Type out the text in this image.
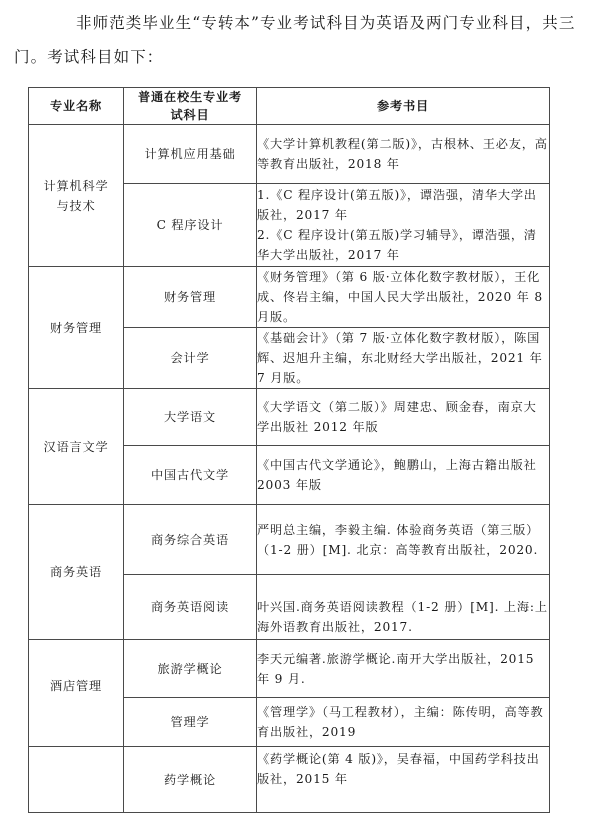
非师范类毕业生“专转本”专业考试科目为英语及两门专业科目，共三门。考试科目如下：

专业名称	普通在校生专业考试科目	参考书目

计算机科学与技术	计算机应用基础	《大学计算机教程(第二版)》，古根林、王必友，高等教育出版社，2018 年

	C 程序设计	1.《C 程序设计(第五版)》，谭浩强，清华大学出版社，2017 年
2.《C 程序设计(第五版)学习辅导》，谭浩强，清华大学出版社，2017 年

财务管理	财务管理	《财务管理》（第 6 版·立体化数字教材版），王化成、佟岩主编，中国人民大学出版社，2020 年 8 月版。

	会计学	《基础会计》（第 7 版·立体化数字教材版），陈国辉、迟旭升主编，东北财经大学出版社，2021 年 7 月版。

汉语言文学	大学语文	《大学语文（第二版）》周建忠、顾金春，南京大学出版社 2012 年版

	中国古代文学	《中国古代文学通论》，鲍鹏山，上海古籍出版社 2003 年版

商务英语	商务综合英语	严明总主编，李毅主编. 体验商务英语（第三版）（1-2 册）[M]. 北京：高等教育出版社，2020.

	商务英语阅读	叶兴国.商务英语阅读教程（1-2 册）[M]. 上海:上海外语教育出版社，2017.

酒店管理	旅游学概论	李天元编著.旅游学概论.南开大学出版社，2015 年 9 月.

	管理学	《管理学》（马工程教材），主编：陈传明，高等教育出版社，2019

	药学概论	《药学概论(第 4 版)》，吴春福，中国药学科技出版社，2015 年
